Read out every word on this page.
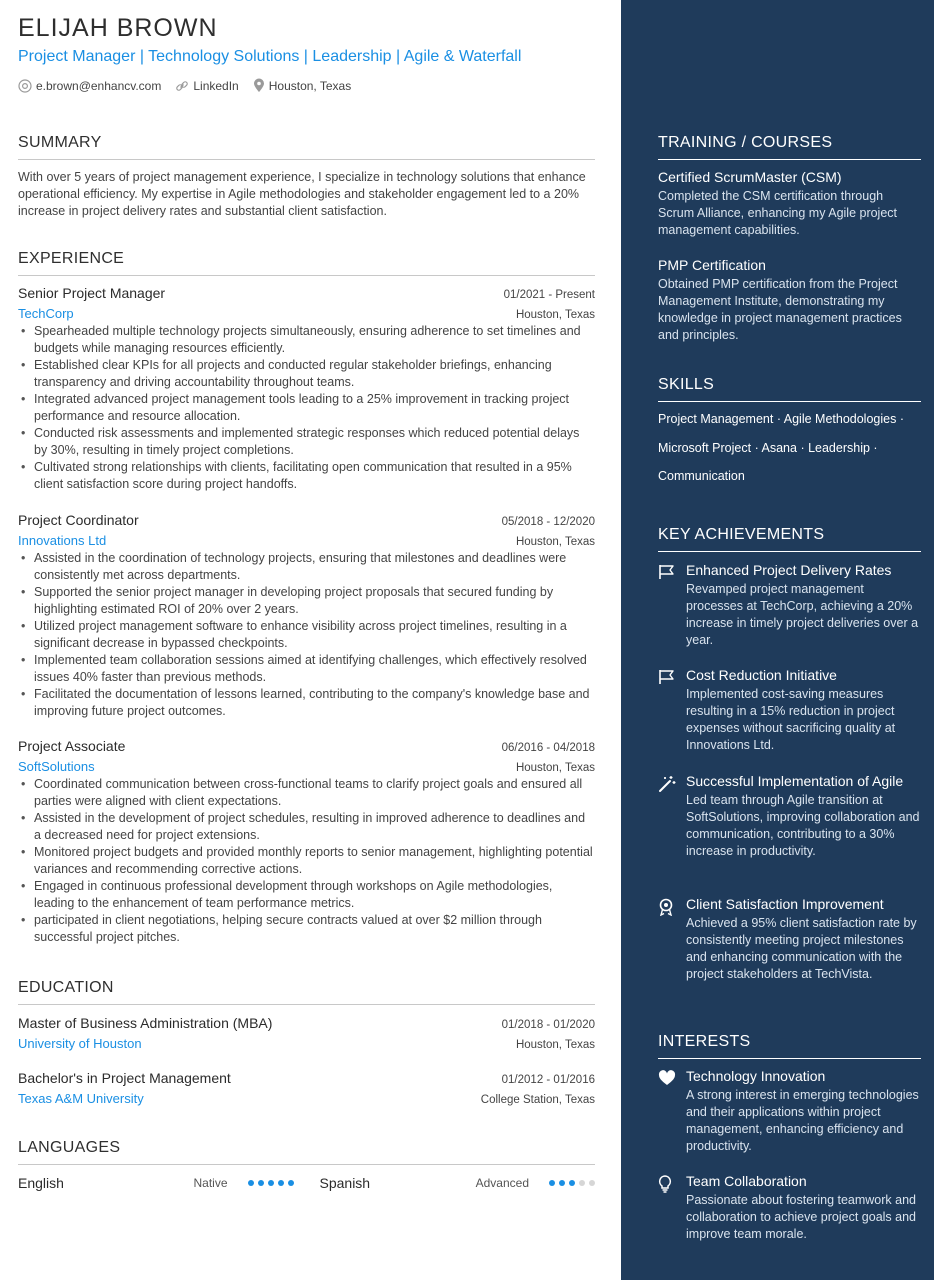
ELIJAH BROWN
Project Manager | Technology Solutions | Leadership | Agile & Waterfall
e.brown@enhancv.com	LinkedIn	Houston, Texas
SUMMARY
With over 5 years of project management experience, I specialize in technology solutions that enhance operational efficiency. My expertise in Agile methodologies and stakeholder engagement led to a 20% increase in project delivery rates and substantial client satisfaction.
EXPERIENCE
Senior Project Manager	01/2021 - Present
TechCorp	Houston, Texas
• Spearheaded multiple technology projects simultaneously, ensuring adherence to set timelines and budgets while managing resources efficiently.
• Established clear KPIs for all projects and conducted regular stakeholder briefings, enhancing transparency and driving accountability throughout teams.
• Integrated advanced project management tools leading to a 25% improvement in tracking project performance and resource allocation.
• Conducted risk assessments and implemented strategic responses which reduced potential delays by 30%, resulting in timely project completions.
• Cultivated strong relationships with clients, facilitating open communication that resulted in a 95% client satisfaction score during project handoffs.
Project Coordinator	05/2018 - 12/2020
Innovations Ltd	Houston, Texas
• Assisted in the coordination of technology projects, ensuring that milestones and deadlines were consistently met across departments.
• Supported the senior project manager in developing project proposals that secured funding by highlighting estimated ROI of 20% over 2 years.
• Utilized project management software to enhance visibility across project timelines, resulting in a significant decrease in bypassed checkpoints.
• Implemented team collaboration sessions aimed at identifying challenges, which effectively resolved issues 40% faster than previous methods.
• Facilitated the documentation of lessons learned, contributing to the company's knowledge base and improving future project outcomes.
Project Associate	06/2016 - 04/2018
SoftSolutions	Houston, Texas
• Coordinated communication between cross-functional teams to clarify project goals and ensured all parties were aligned with client expectations.
• Assisted in the development of project schedules, resulting in improved adherence to deadlines and a decreased need for project extensions.
• Monitored project budgets and provided monthly reports to senior management, highlighting potential variances and recommending corrective actions.
• Engaged in continuous professional development through workshops on Agile methodologies, leading to the enhancement of team performance metrics.
• participated in client negotiations, helping secure contracts valued at over $2 million through successful project pitches.
EDUCATION
Master of Business Administration (MBA)	01/2018 - 01/2020
University of Houston	Houston, Texas
Bachelor's in Project Management	01/2012 - 01/2016
Texas A&M University	College Station, Texas
LANGUAGES
English	Native	Spanish	Advanced
TRAINING / COURSES
Certified ScrumMaster (CSM)
Completed the CSM certification through Scrum Alliance, enhancing my Agile project management capabilities.
PMP Certification
Obtained PMP certification from the Project Management Institute, demonstrating my knowledge in project management practices and principles.
SKILLS
Project Management · Agile Methodologies · Microsoft Project · Asana · Leadership · Communication
KEY ACHIEVEMENTS
Enhanced Project Delivery Rates
Revamped project management processes at TechCorp, achieving a 20% increase in timely project deliveries over a year.
Cost Reduction Initiative
Implemented cost-saving measures resulting in a 15% reduction in project expenses without sacrificing quality at Innovations Ltd.
Successful Implementation of Agile
Led team through Agile transition at SoftSolutions, improving collaboration and communication, contributing to a 30% increase in productivity.
Client Satisfaction Improvement
Achieved a 95% client satisfaction rate by consistently meeting project milestones and enhancing communication with the project stakeholders at TechVista.
INTERESTS
Technology Innovation
A strong interest in emerging technologies and their applications within project management, enhancing efficiency and productivity.
Team Collaboration
Passionate about fostering teamwork and collaboration to achieve project goals and improve team morale.
